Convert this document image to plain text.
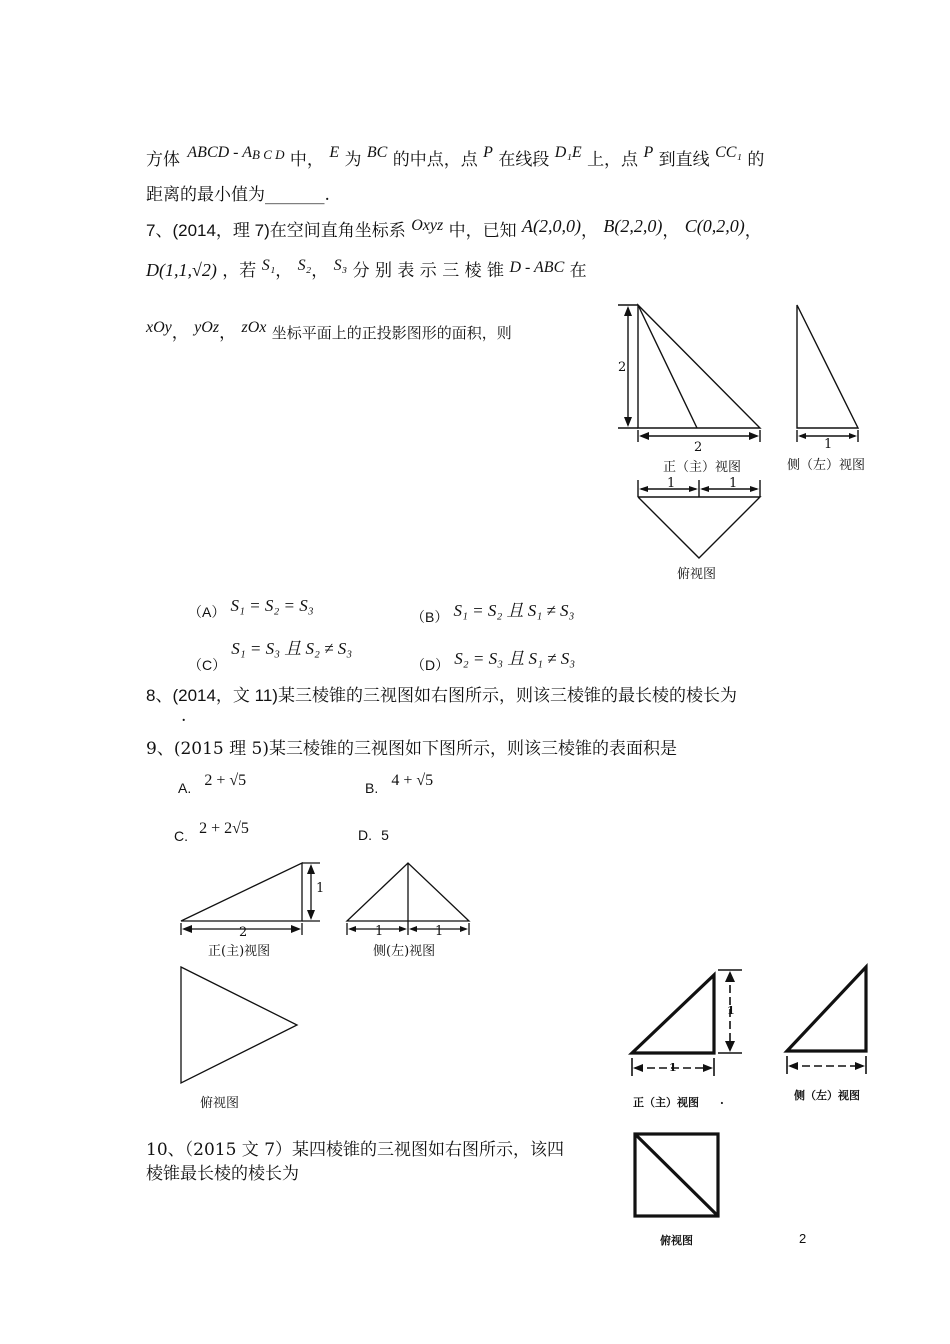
方体 ABCD - $A^{B C D}$ 中， E 为 BC 的中点，点 P 在线段 D₁E 上，点 P 到直线 CC₁ 的
距离的最小值为_______.
7、(2014，理 7)在空间直角坐标系 Oxyz 中，已知 A(2,0,0)， B(2,2,0)， C(0,2,0)，
D(1,1,√2) ，若 S₁， S₂， S₃ 分 别 表 示 三 棱 锥 D - ABC 在
xOy， yOz， zOx 坐标平面上的正投影图形的面积，则
2
2
正（主）视图
1
侧（左）视图
1	1
俯视图
（A） S₁ = S₂ = S₃
（B） S₁ = S₂ 且 S₁ ≠ S₃
（C） S₁ = S₃ 且 S₂ ≠ S₃
（D） S₂ = S₃ 且 S₁ ≠ S₃
8、(2014，文 11)某三棱锥的三视图如右图所示，则该三棱锥的最长棱的棱长为
.
9、(2015 理 5)某三棱锥的三视图如下图所示，则该三棱锥的表面积是
A. 2 + √5	B. 4 + √5
C. 2 + 2√5	D. 5
1
2
正(主)视图
1	1
侧(左)视图
俯视图
10、（2015 文 7）某四棱锥的三视图如右图所示，该四
棱锥最长棱的棱长为
1
1
正（主）视图 .	侧（左）视图
俯视图	2
